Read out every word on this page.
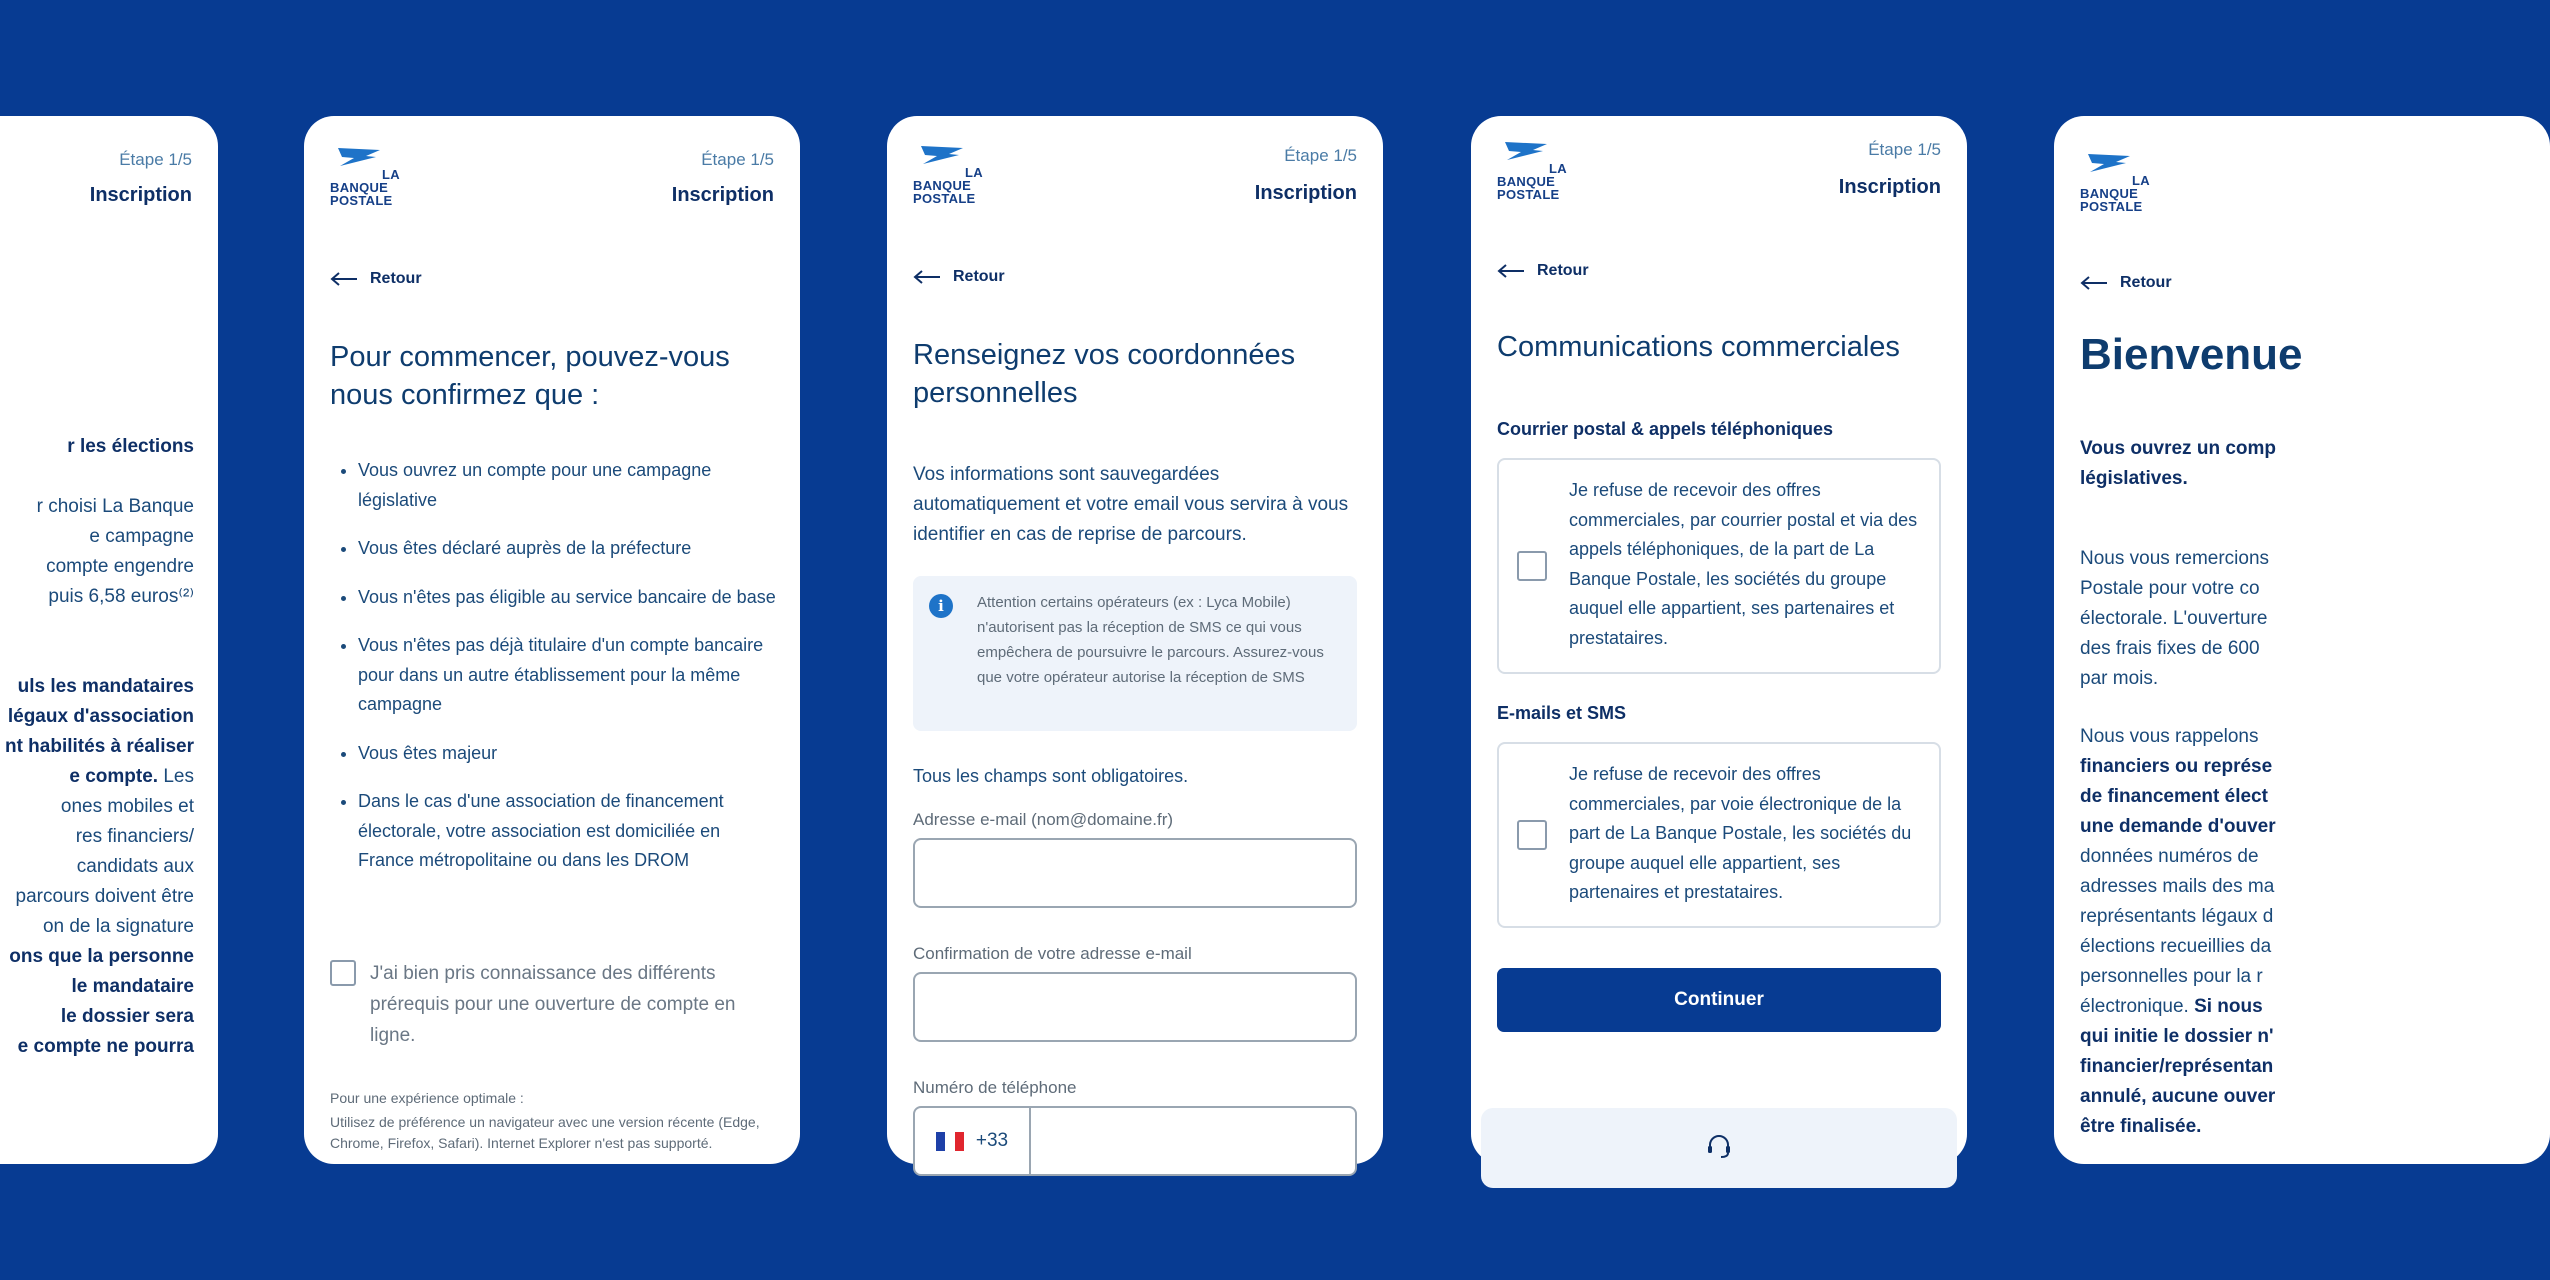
Étape 1/5
Inscription
r les élections
r choisi La Banque
e campagne
compte engendre
puis 6,58 euros⁽²⁾
uls les mandataires
légaux d'association
nt habilités à réaliser
e compte. Les
ones mobiles et
res financiers/
candidats aux
parcours doivent être
on de la signature
ons que la personne
le mandataire
le dossier sera
e compte ne pourra
LA
BANQUE
POSTALE
Étape 1/5
Inscription
Retour
Pour commencer, pouvez-vous nous confirmez que :
• Vous ouvrez un compte pour une campagne législative
• Vous êtes déclaré auprès de la préfecture
• Vous n'êtes pas éligible au service bancaire de base
• Vous n'êtes pas déjà titulaire d'un compte bancaire pour dans un autre établissement pour la même campagne
• Vous êtes majeur
• Dans le cas d'une association de financement électorale, votre association est domiciliée en France métropolitaine ou dans les DROM
J'ai bien pris connaissance des différents prérequis pour une ouverture de compte en ligne.
Pour une expérience optimale :
Utilisez de préférence un navigateur avec une version récente (Edge, Chrome, Firefox, Safari). Internet Explorer n'est pas supporté.
LA
BANQUE
POSTALE
Étape 1/5
Inscription
Retour
Renseignez vos coordonnées personnelles
Vos informations sont sauvegardées automatiquement et votre email vous servira à vous identifier en cas de reprise de parcours.
i	Attention certains opérateurs (ex : Lyca Mobile) n'autorisent pas la réception de SMS ce qui vous empêchera de poursuivre le parcours. Assurez-vous que votre opérateur autorise la réception de SMS
Tous les champs sont obligatoires.
Adresse e-mail (nom@domaine.fr)
Confirmation de votre adresse e-mail
Numéro de téléphone
+33
LA
BANQUE
POSTALE
Étape 1/5
Inscription
Retour
Communications commerciales
Courrier postal & appels téléphoniques
Je refuse de recevoir des offres commerciales, par courrier postal et via des appels téléphoniques, de la part de La Banque Postale, les sociétés du groupe auquel elle appartient, ses partenaires et prestataires.
E-mails et SMS
Je refuse de recevoir des offres commerciales, par voie électronique de la part de La Banque Postale, les sociétés du groupe auquel elle appartient, ses partenaires et prestataires.
Continuer
LA
BANQUE
POSTALE
Retour
Bienvenue
Vous ouvrez un comp
législatives.
Nous vous remercions
Postale pour votre co
électorale. L'ouverture
des frais fixes de 600
par mois.
Nous vous rappelons
financiers ou représe
de financement élect
une demande d'ouver
données numéros de
adresses mails des ma
représentants légaux d
élections recueillies da
personnelles pour la r
électronique. Si nous
qui initie le dossier n'
financier/représentan
annulé, aucune ouver
être finalisée.
